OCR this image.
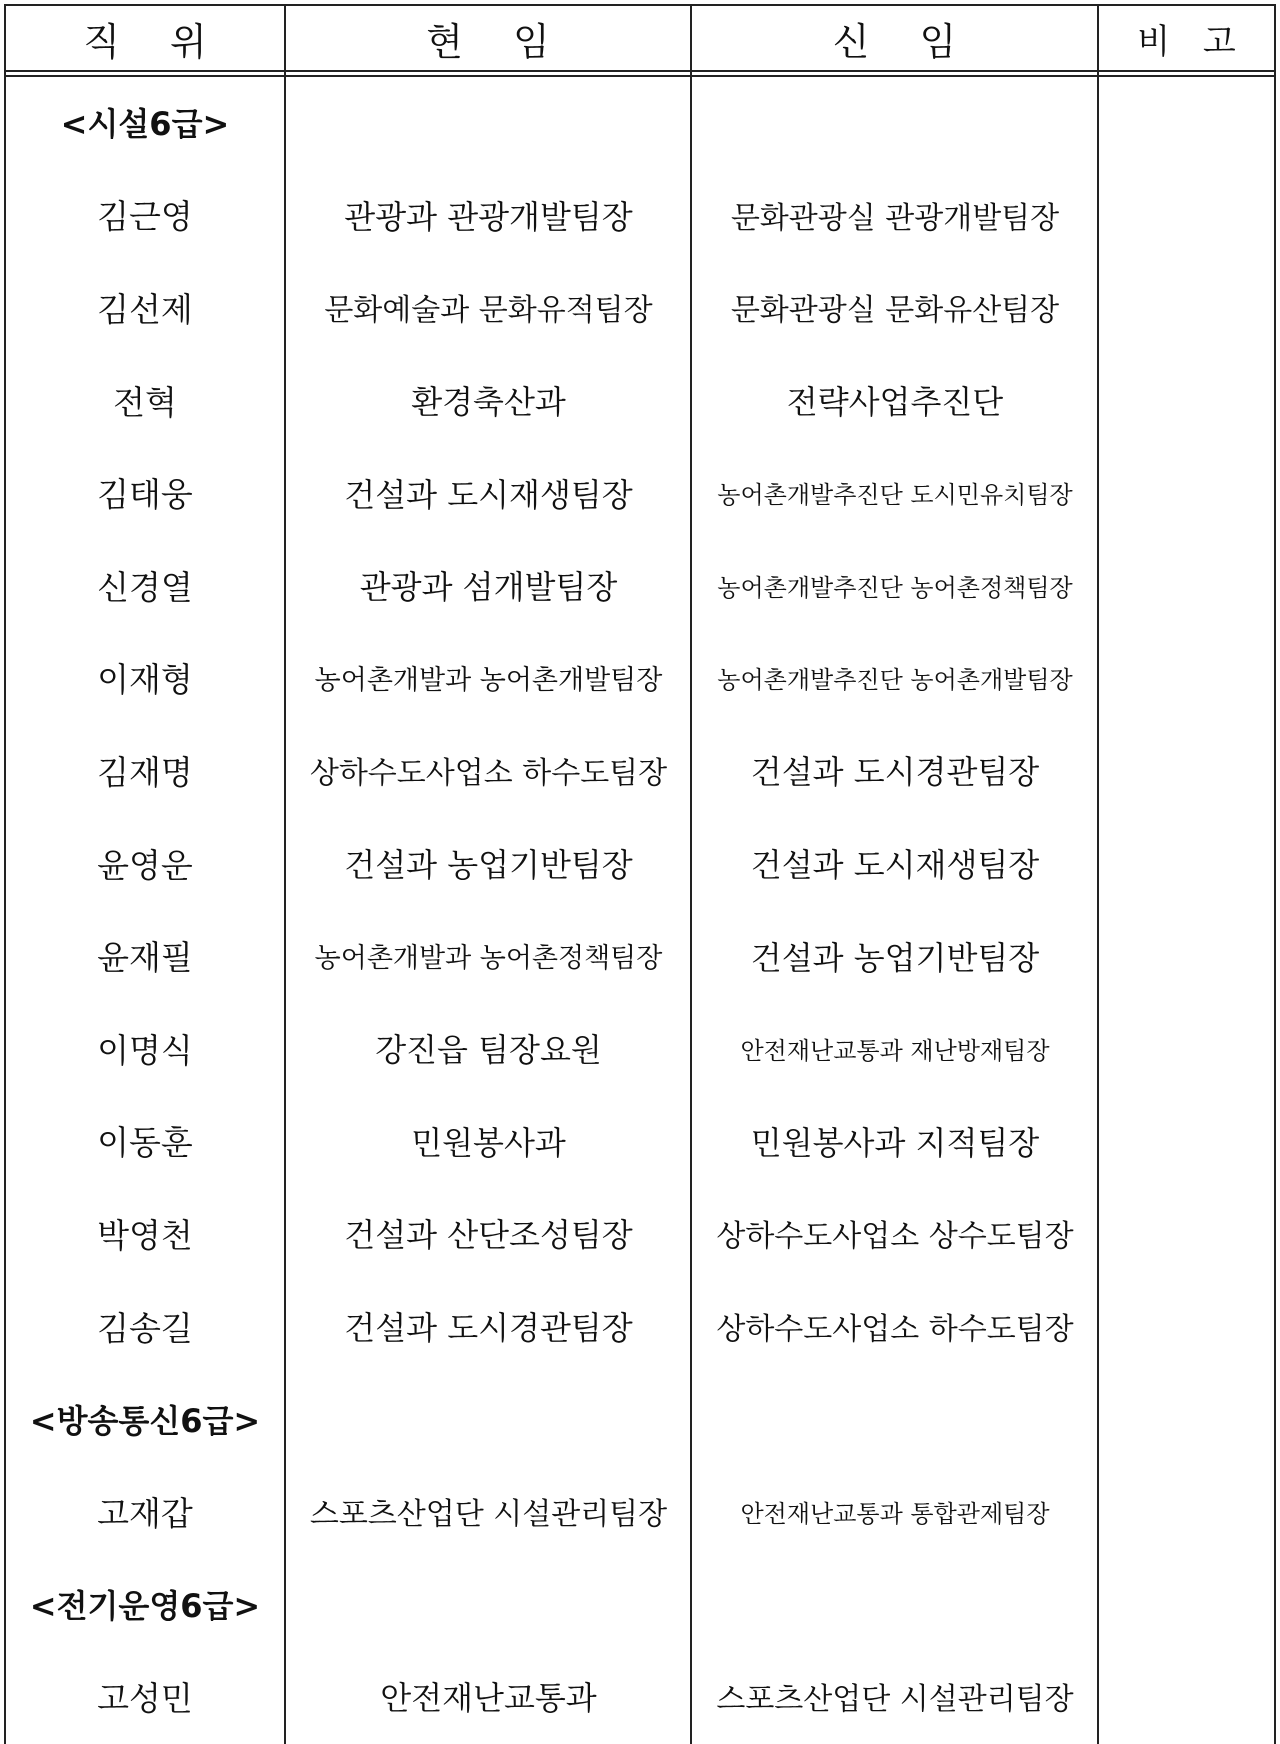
직 위	현 임	신 임	비 고
<시설6급>
김근영	관광과 관광개발팀장	문화관광실 관광개발팀장
김선제	문화예술과 문화유적팀장	문화관광실 문화유산팀장
전혁	환경축산과	전략사업추진단
김태웅	건설과 도시재생팀장	농어촌개발추진단 도시민유치팀장
신경열	관광과 섬개발팀장	농어촌개발추진단 농어촌정책팀장
이재형	농어촌개발과 농어촌개발팀장	농어촌개발추진단 농어촌개발팀장
김재명	상하수도사업소 하수도팀장	건설과 도시경관팀장
윤영운	건설과 농업기반팀장	건설과 도시재생팀장
윤재필	농어촌개발과 농어촌정책팀장	건설과 농업기반팀장
이명식	강진읍 팀장요원	안전재난교통과 재난방재팀장
이동훈	민원봉사과	민원봉사과 지적팀장
박영천	건설과 산단조성팀장	상하수도사업소 상수도팀장
김송길	건설과 도시경관팀장	상하수도사업소 하수도팀장
<방송통신6급>
고재갑	스포츠산업단 시설관리팀장	안전재난교통과 통합관제팀장
<전기운영6급>
고성민	안전재난교통과	스포츠산업단 시설관리팀장
